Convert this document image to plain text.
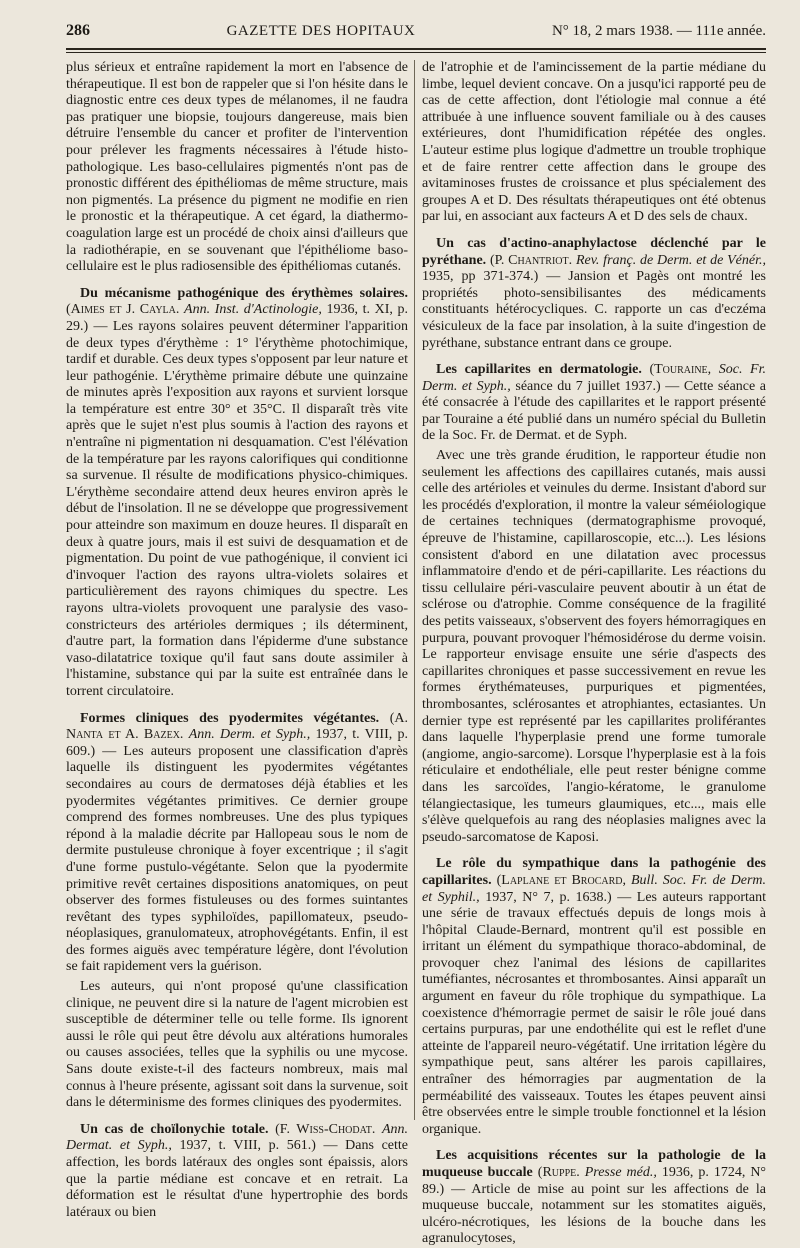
286	GAZETTE DES HOPITAUX	N° 18, 2 mars 1938. — 111e année.

plus sérieux et entraîne rapidement la mort en l'absence de thérapeutique. Il est bon de rappeler que si l'on hésite dans le diagnostic entre ces deux types de mélanomes, il ne faudra pas pratiquer une biopsie, toujours dangereuse, mais bien détruire l'ensemble du cancer et profiter de l'intervention pour prélever les fragments nécessaires à l'étude histo-pathologique. Les baso-cellulaires pigmentés n'ont pas de pronostic différent des épithéliomas de même structure, mais non pigmentés. La présence du pigment ne modifie en rien le pronostic et la thérapeutique. A cet égard, la diathermo-coagulation large est un procédé de choix ainsi d'ailleurs que la radiothérapie, en se souvenant que l'épithéliome baso-cellulaire est le plus radiosensible des épithéliomas cutanés.

Du mécanisme pathogénique des érythèmes solaires. (Aimes et J. Cayla. Ann. Inst. d'Actinologie, 1936, t. XI, p. 29.) — Les rayons solaires peuvent déterminer l'apparition de deux types d'érythème : 1° l'érythème photochimique, tardif et durable. Ces deux types s'opposent par leur nature et leur pathogénie. L'érythème primaire débute une quinzaine de minutes après l'exposition aux rayons et survient lorsque la température est entre 30° et 35°C. Il disparaît très vite après que le sujet n'est plus soumis à l'action des rayons et n'entraîne ni pigmentation ni desquamation. C'est l'élévation de la température par les rayons calorifiques qui conditionne sa survenue. Il résulte de modifications physico-chimiques. L'érythème secondaire attend deux heures environ après le début de l'insolation. Il ne se développe que progressivement pour atteindre son maximum en douze heures. Il disparaît en deux à quatre jours, mais il est suivi de desquamation et de pigmentation. Du point de vue pathogénique, il convient ici d'invoquer l'action des rayons ultra-violets solaires et particulièrement des rayons chimiques du spectre. Les rayons ultra-violets provoquent une paralysie des vaso-constricteurs des artérioles dermiques ; ils déterminent, d'autre part, la formation dans l'épiderme d'une substance vaso-dilatatrice toxique qu'il faut sans doute assimiler à l'histamine, substance qui par la suite est entraînée dans le torrent circulatoire.

Formes cliniques des pyodermites végétantes. (A. Nanta et A. Bazex. Ann. Derm. et Syph., 1937, t. VIII, p. 609.) — Les auteurs proposent une classification d'après laquelle ils distinguent les pyodermites végétantes secondaires au cours de dermatoses déjà établies et les pyodermites végétantes primitives. Ce dernier groupe comprend des formes nombreuses. Une des plus typiques répond à la maladie décrite par Hallopeau sous le nom de dermite pustuleuse chronique à foyer excentrique ; il s'agit d'une forme pustulo-végétante. Selon que la pyodermite primitive revêt certaines dispositions anatomiques, on peut observer des formes fistuleuses ou des formes suintantes revêtant des types syphiloïdes, papillomateux, pseudo-néoplasiques, granulomateux, atrophovégétants. Enfin, il est des formes aiguës avec température légère, dont l'évolution se fait rapidement vers la guérison.

Les auteurs, qui n'ont proposé qu'une classification clinique, ne peuvent dire si la nature de l'agent microbien est susceptible de déterminer telle ou telle forme. Ils ignorent aussi le rôle qui peut être dévolu aux altérations humorales ou causes associées, telles que la syphilis ou une mycose. Sans doute existe-t-il des facteurs nombreux, mais mal connus à l'heure présente, agissant soit dans la survenue, soit dans le déterminisme des formes cliniques des pyodermites.

Un cas de choïlonychie totale. (F. Wiss-Chodat. Ann. Dermat. et Syph., 1937, t. VIII, p. 561.) — Dans cette affection, les bords latéraux des ongles sont épaissis, alors que la partie médiane est concave et en retrait. La déformation est le résultat d'une hypertrophie des bords latéraux ou bien

de l'atrophie et de l'amincissement de la partie médiane du limbe, lequel devient concave. On a jusqu'ici rapporté peu de cas de cette affection, dont l'étiologie mal connue a été attribuée à une influence souvent familiale ou à des causes extérieures, dont l'humidification répétée des ongles. L'auteur estime plus logique d'admettre un trouble trophique et de faire rentrer cette affection dans le groupe des avitaminoses frustes de croissance et plus spécialement des groupes A et D. Des résultats thérapeutiques ont été obtenus par lui, en associant aux facteurs A et D des sels de chaux.

Un cas d'actino-anaphylactose déclenché par le pyréthane. (P. Chantriot. Rev. franç. de Derm. et de Vénér., 1935, pp 371-374.) — Jansion et Pagès ont montré les propriétés photo-sensibilisantes des médicaments constituants hétérocycliques. C. rapporte un cas d'eczéma vésiculeux de la face par insolation, à la suite d'ingestion de pyréthane, substance entrant dans ce groupe.

Les capillarites en dermatologie. (Touraine, Soc. Fr. Derm. et Syph., séance du 7 juillet 1937.) — Cette séance a été consacrée à l'étude des capillarites et le rapport présenté par Touraine a été publié dans un numéro spécial du Bulletin de la Soc. Fr. de Dermat. et de Syph.

Avec une très grande érudition, le rapporteur étudie non seulement les affections des capillaires cutanés, mais aussi celle des artérioles et veinules du derme. Insistant d'abord sur les procédés d'exploration, il montre la valeur séméiologique de certaines techniques (dermatographisme provoqué, épreuve de l'histamine, capillaroscopie, etc...). Les lésions consistent d'abord en une dilatation avec processus inflammatoire d'endo et de péri-capillarite. Les réactions du tissu cellulaire péri-vasculaire peuvent aboutir à un état de sclérose ou d'atrophie. Comme conséquence de la fragilité des petits vaisseaux, s'observent des foyers hémorragiques en purpura, pouvant provoquer l'hémosidérose du derme voisin. Le rapporteur envisage ensuite une série d'aspects des capillarites chroniques et passe successivement en revue les formes érythémateuses, purpuriques et pigmentées, thrombosantes, sclérosantes et atrophiantes, ectasiantes. Un dernier type est représenté par les capillarites proliférantes dans laquelle l'hyperplasie prend une forme tumorale (angiome, angio-sarcome). Lorsque l'hyperplasie est à la fois réticulaire et endothéliale, elle peut rester bénigne comme dans les sarcoïdes, l'angio-kératome, le granulome télangiectasique, les tumeurs glaumiques, etc..., mais elle s'élève quelquefois au rang des néoplasies malignes avec la pseudo-sarcomatose de Kaposi.

Le rôle du sympathique dans la pathogénie des capillarites. (Laplane et Brocard, Bull. Soc. Fr. de Derm. et Syphil., 1937, N° 7, p. 1638.) — Les auteurs rapportant une série de travaux effectués depuis de longs mois à l'hôpital Claude-Bernard, montrent qu'il est possible en irritant un élément du sympathique thoraco-abdominal, de provoquer chez l'animal des lésions de capillarites tuméfiantes, nécrosantes et thrombosantes. Ainsi apparaît un argument en faveur du rôle trophique du sympathique. La coexistence d'hémorragie permet de saisir le rôle joué dans certains purpuras, par une endothélite qui est le reflet d'une atteinte de l'appareil neuro-végétatif. Une irritation légère du sympathique peut, sans altérer les parois capillaires, entraîner des hémorragies par augmentation de la perméabilité des vaisseaux. Toutes les étapes peuvent ainsi être observées entre le simple trouble fonctionnel et la lésion organique.

Les acquisitions récentes sur la pathologie de la muqueuse buccale (Ruppe. Presse méd., 1936, p. 1724, N° 89.) — Article de mise au point sur les affections de la muqueuse buccale, notamment sur les stomatites aiguës, ulcéro-nécrotiques, les lésions de la bouche dans les agranulocytoses,
